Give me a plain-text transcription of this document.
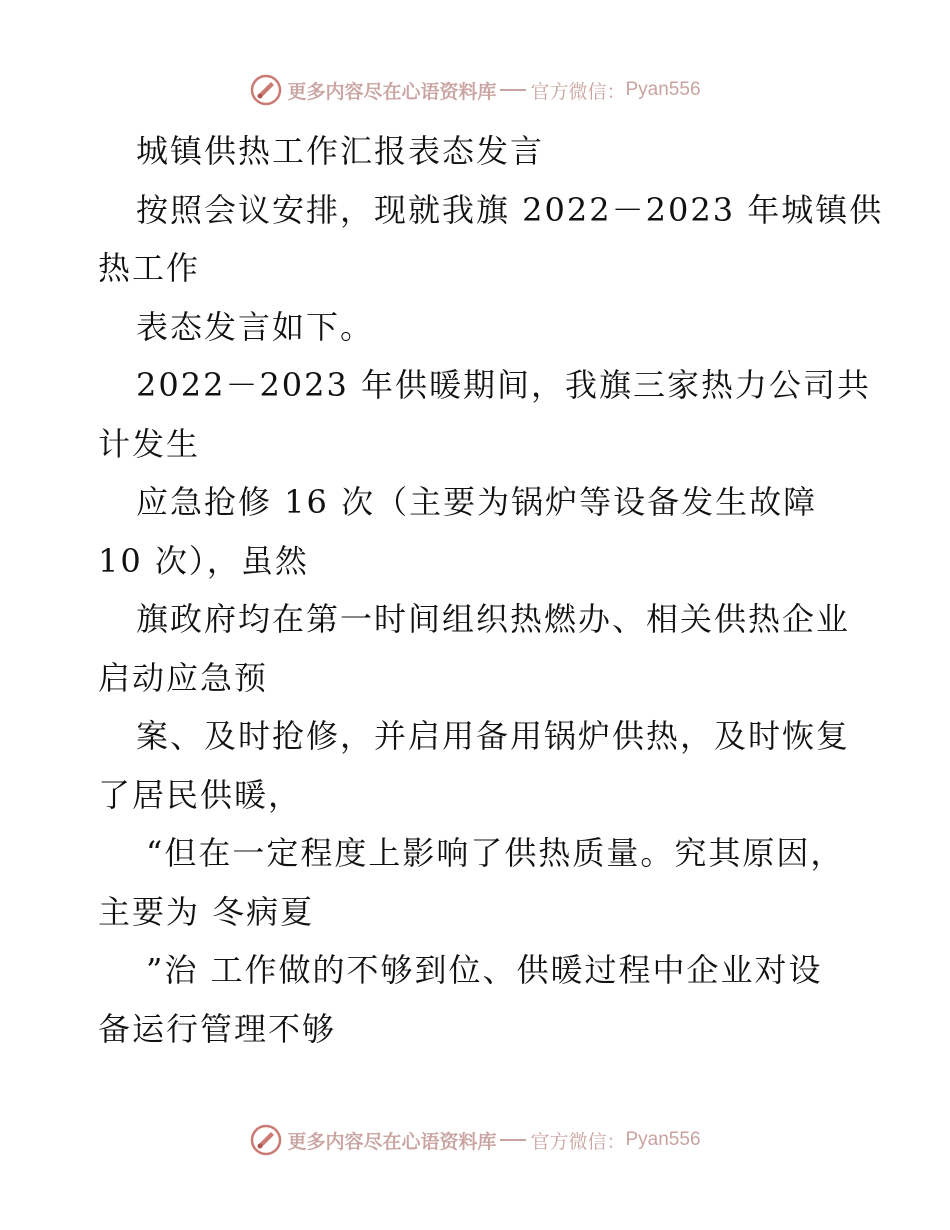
更多内容尽在心语资料库 官方微信： Pyan556
城镇供热工作汇报表态发言
按照会议安排，现就我旗 2022－2023 年城镇供
热工作
表态发言如下。
2022－2023 年供暖期间，我旗三家热力公司共
计发生
应急抢修 16 次（主要为锅炉等设备发生故障
10 次），虽然
旗政府均在第一时间组织热燃办、相关供热企业
启动应急预
案、及时抢修，并启用备用锅炉供热，及时恢复
了居民供暖，
“但在一定程度上影响了供热质量。究其原因，
主要为 冬病夏
”治 工作做的不够到位、供暖过程中企业对设
备运行管理不够
更多内容尽在心语资料库 官方微信： Pyan556
